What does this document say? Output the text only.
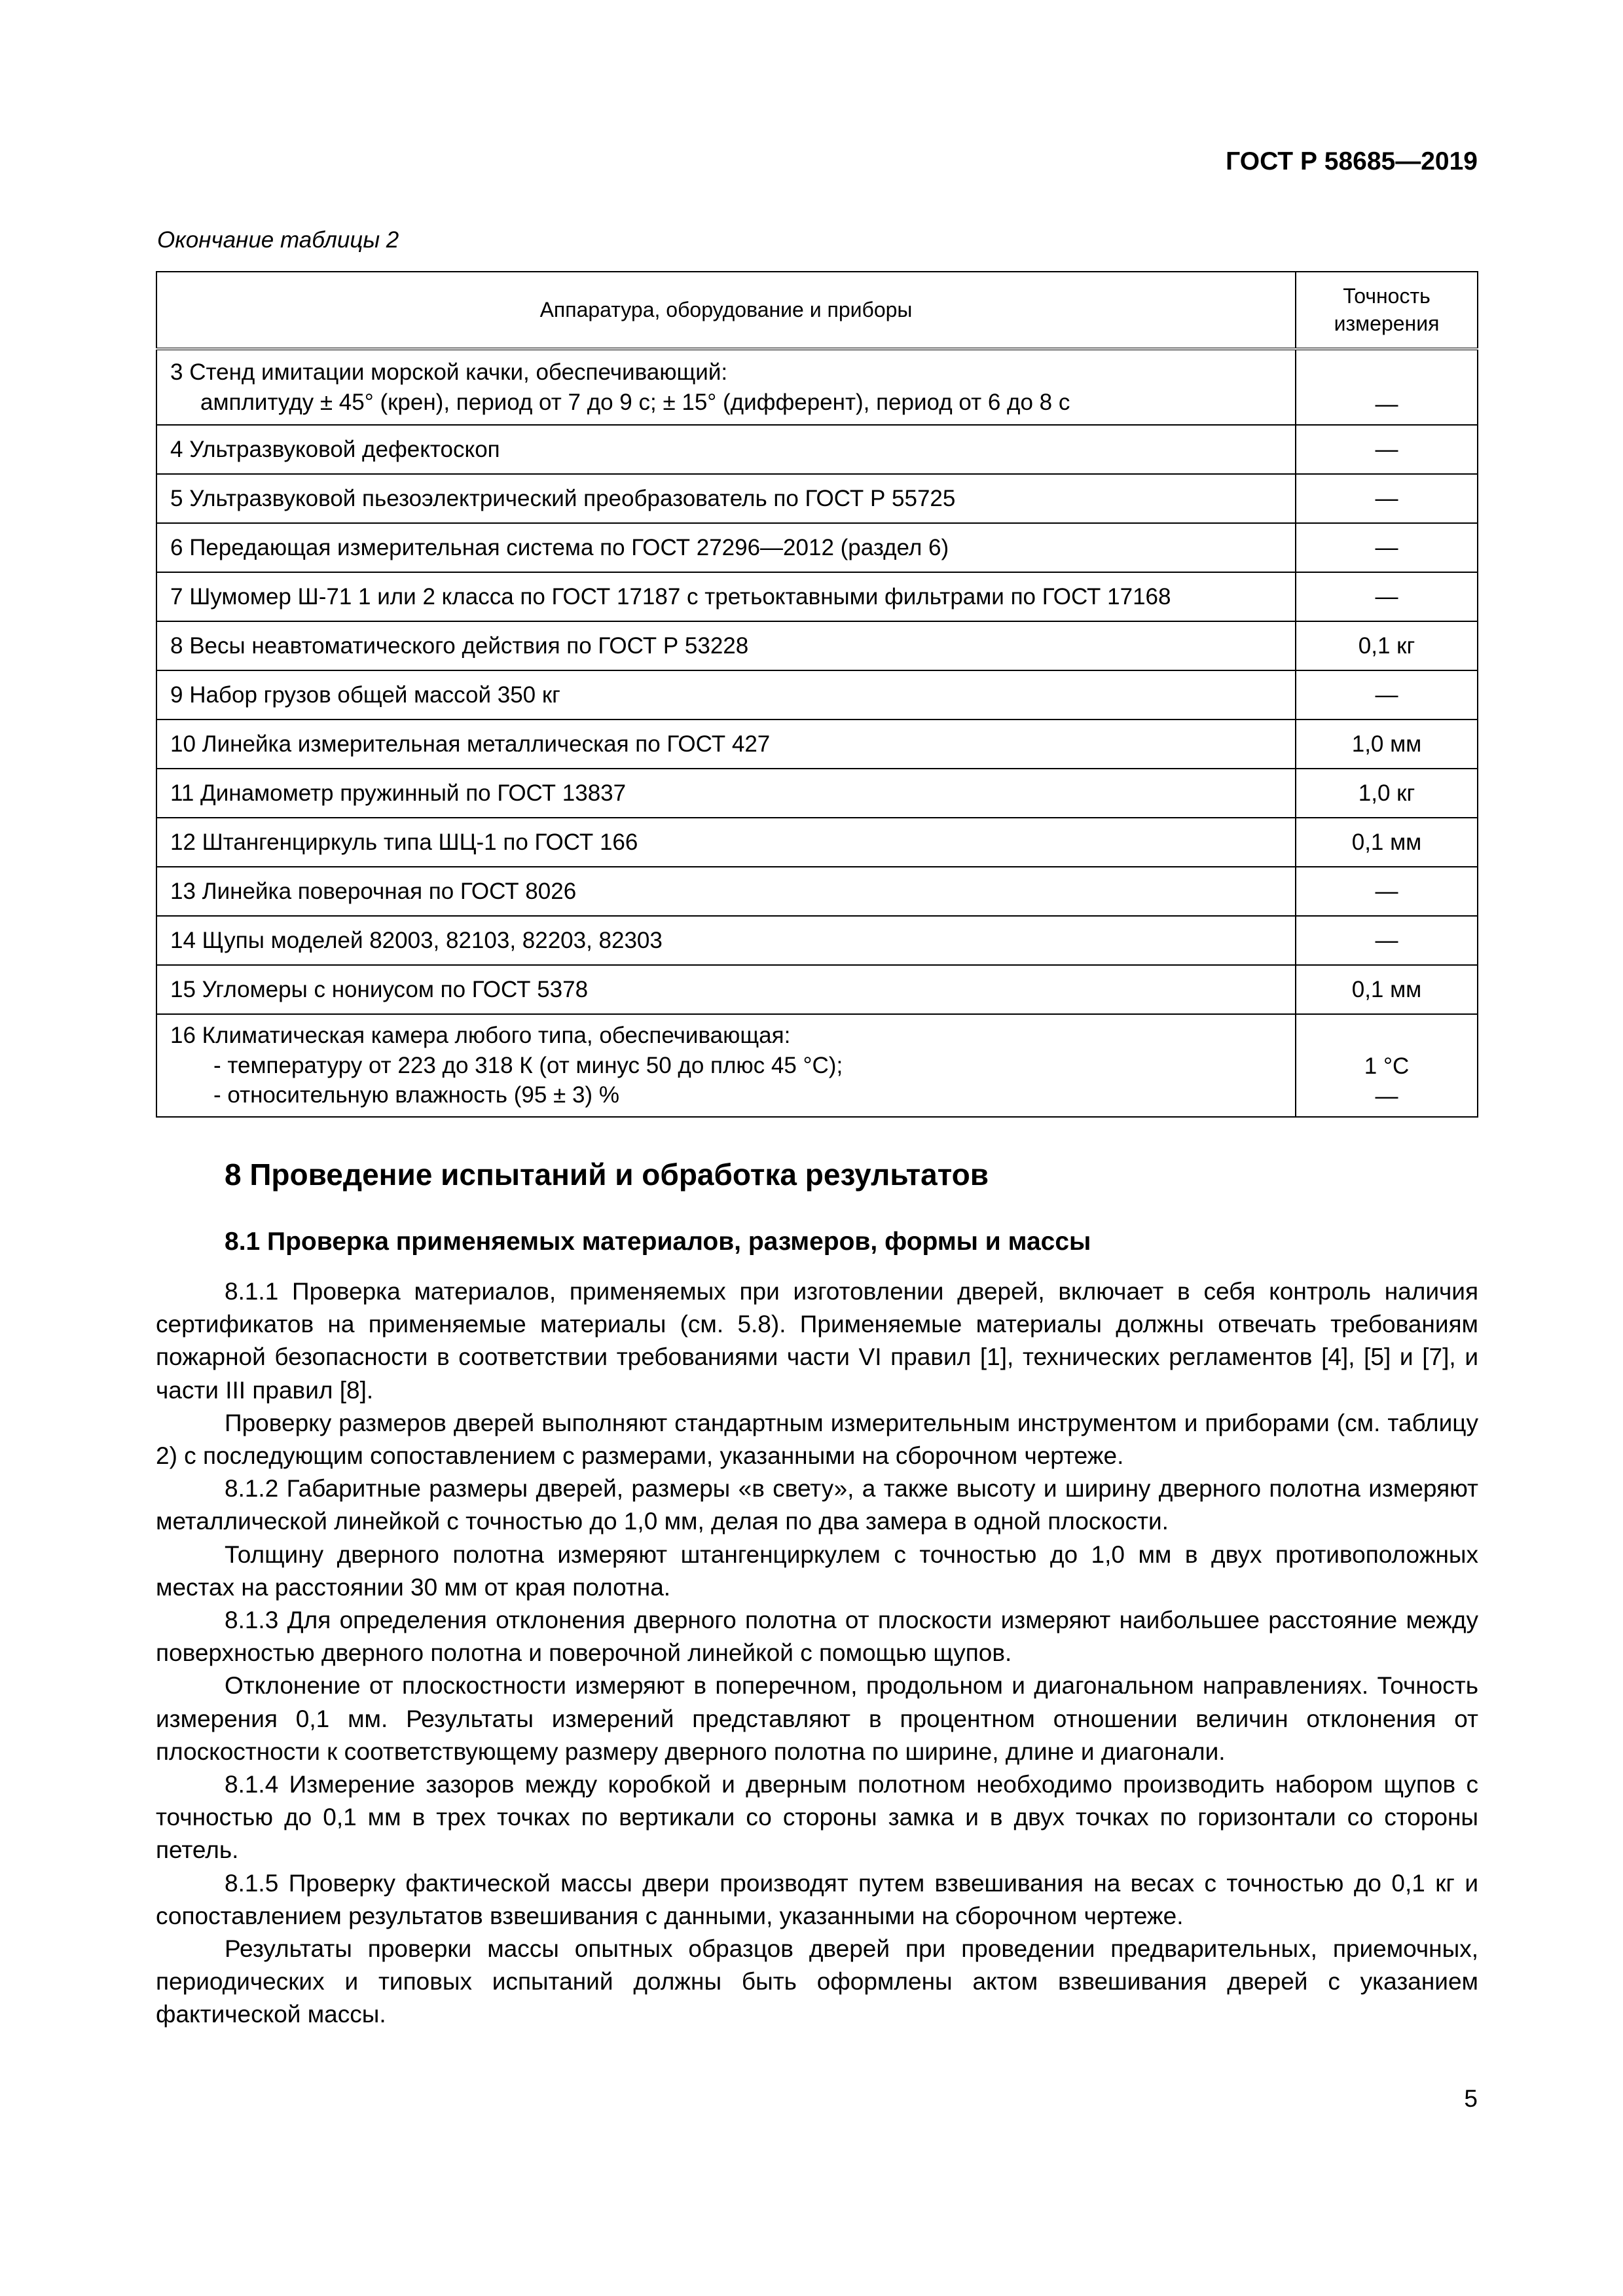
ГОСТ Р 58685—2019
Окончание таблицы 2
Аппаратура, оборудование и приборы	Точность измерения
3 Стенд имитации морской качки, обеспечивающий:
амплитуду ± 45° (крен), период от 7 до 9 с; ± 15° (дифферент), период от 6 до 8 с	—

4 Ультразвуковой дефектоскоп	—
5 Ультразвуковой пьезоэлектрический преобразователь по ГОСТ Р 55725	—
6 Передающая измерительная система по ГОСТ 27296—2012 (раздел 6)	—
7 Шумомер Ш-71 1 или 2 класса по ГОСТ 17187 с третьоктавными фильтрами по ГОСТ 17168	—
8 Весы неавтоматического действия по ГОСТ Р 53228	0,1 кг
9 Набор грузов общей массой 350 кг	—
10 Линейка измерительная металлическая по ГОСТ 427	1,0 мм
11 Динамометр пружинный по ГОСТ 13837	1,0 кг
12 Штангенциркуль типа ШЦ-1 по ГОСТ 166	0,1 мм
13 Линейка поверочная по ГОСТ 8026	—
14 Щупы моделей 82003, 82103, 82203, 82303	—
15 Угломеры с нониусом по ГОСТ 5378	0,1 мм
16 Климатическая камера любого типа, обеспечивающая:
- температуру от 223 до 318 К (от минус 50 до плюс 45 °C);
- относительную влажность (95 ± 3) %	1 °C
—
8 Проведение испытаний и обработка результатов
8.1 Проверка применяемых материалов, размеров, формы и массы

8.1.1 Проверка материалов, применяемых при изготовлении дверей, включает в себя контроль наличия сертификатов на применяемые материалы (см. 5.8). Применяемые материалы должны отвечать требованиям пожарной безопасности в соответствии требованиями части VI правил [1], технических регламентов [4], [5] и [7], и части III правил [8].

Проверку размеров дверей выполняют стандартным измерительным инструментом и приборами (см. таблицу 2) с последующим сопоставлением с размерами, указанными на сборочном чертеже.

8.1.2 Габаритные размеры дверей, размеры «в свету», а также высоту и ширину дверного полотна измеряют металлической линейкой с точностью до 1,0 мм, делая по два замера в одной плоскости.

Толщину дверного полотна измеряют штангенциркулем с точностью до 1,0 мм в двух противоположных местах на расстоянии 30 мм от края полотна.

8.1.3 Для определения отклонения дверного полотна от плоскости измеряют наибольшее расстояние между поверхностью дверного полотна и поверочной линейкой с помощью щупов.

Отклонение от плоскостности измеряют в поперечном, продольном и диагональном направлениях. Точность измерения 0,1 мм. Результаты измерений представляют в процентном отношении величин отклонения от плоскостности к соответствующему размеру дверного полотна по ширине, длине и диагонали.

8.1.4 Измерение зазоров между коробкой и дверным полотном необходимо производить набором щупов с точностью до 0,1 мм в трех точках по вертикали со стороны замка и в двух точках по горизонтали со стороны петель.

8.1.5 Проверку фактической массы двери производят путем взвешивания на весах с точностью до 0,1 кг и сопоставлением результатов взвешивания с данными, указанными на сборочном чертеже.

Результаты проверки массы опытных образцов дверей при проведении предварительных, приемочных, периодических и типовых испытаний должны быть оформлены актом взвешивания дверей с указанием фактической массы.

5
